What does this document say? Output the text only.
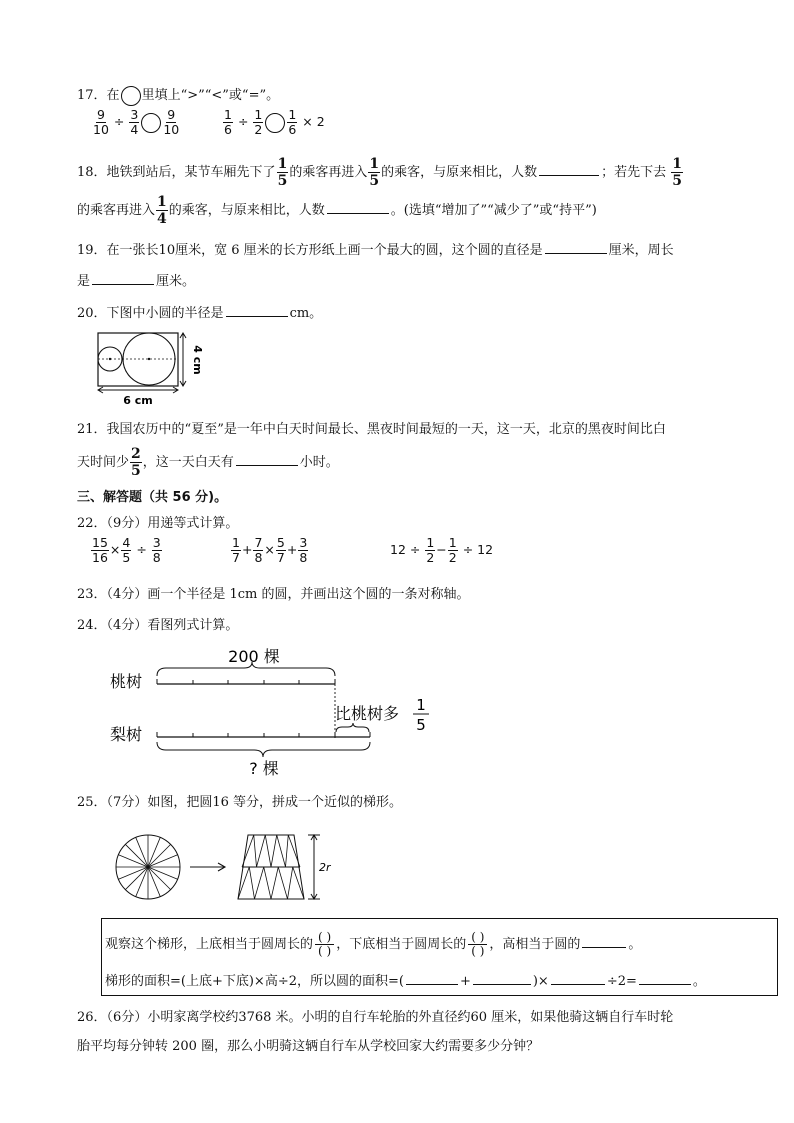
17．在 里填上“>”“<”或“=”。
$\frac{9}{10} \div \frac{3}{4} \frac{9}{10}$	$\frac{1}{6} \div \frac{1}{2} \frac{1}{6} \times 2$
18．地铁到站后，某节车厢先下了 $\frac{1}{5}$ 的乘客再进入 $\frac{1}{5}$ 的乘客，与原来相比，人数	；若先下去 $\frac{1}{5}$
的乘客再进入 $\frac{1}{4}$ 的乘客，与原来相比，人数	。(选填“增加了”“减少了”或“持平”)
19．在一张长10厘米，宽 6 厘米的长方形纸上画一个最大的圆，这个圆的直径是	厘米，周长
是	厘米。
20．下图中小圆的半径是	cm。
4 cm
6 cm
21．我国农历中的“夏至”是一年中白天时间最长、黑夜时间最短的一天，这一天，北京的黑夜时间比白
天时间少 $\frac{2}{5}$ ，这一天白天有	小时。
三、解答题（共 56 分)。
22．（9分）用递等式计算。
$\frac{15}{16} \times \frac{4}{5} \div \frac{3}{8}$	$\frac{1}{7} + \frac{7}{8} \times \frac{5}{7} + \frac{3}{8}$	$12 \div \frac{1}{2} - \frac{1}{2} \div 12$
23．（4分）画一个半径是 1cm 的圆，并画出这个圆的一条对称轴。
24．（4分）看图列式计算。
200 棵
桃树
梨树
比桃树多 1
5
? 棵
25．（7分）如图，把圆16 等分，拼成一个近似的梯形。
2r
观察这个梯形，上底相当于圆周长的 ( )
( ) ，下底相当于圆周长的 ( )
( ) ，高相当于圆的	。
梯形的面积=(上底+下底)×高÷2，所以圆的面积=(	+	)×	÷2=	。
26．（6分）小明家离学校约3768 米。小明的自行车轮胎的外直径约60 厘米，如果他骑这辆自行车时轮
胎平均每分钟转 200 圈，那么小明骑这辆自行车从学校回家大约需要多少分钟？
